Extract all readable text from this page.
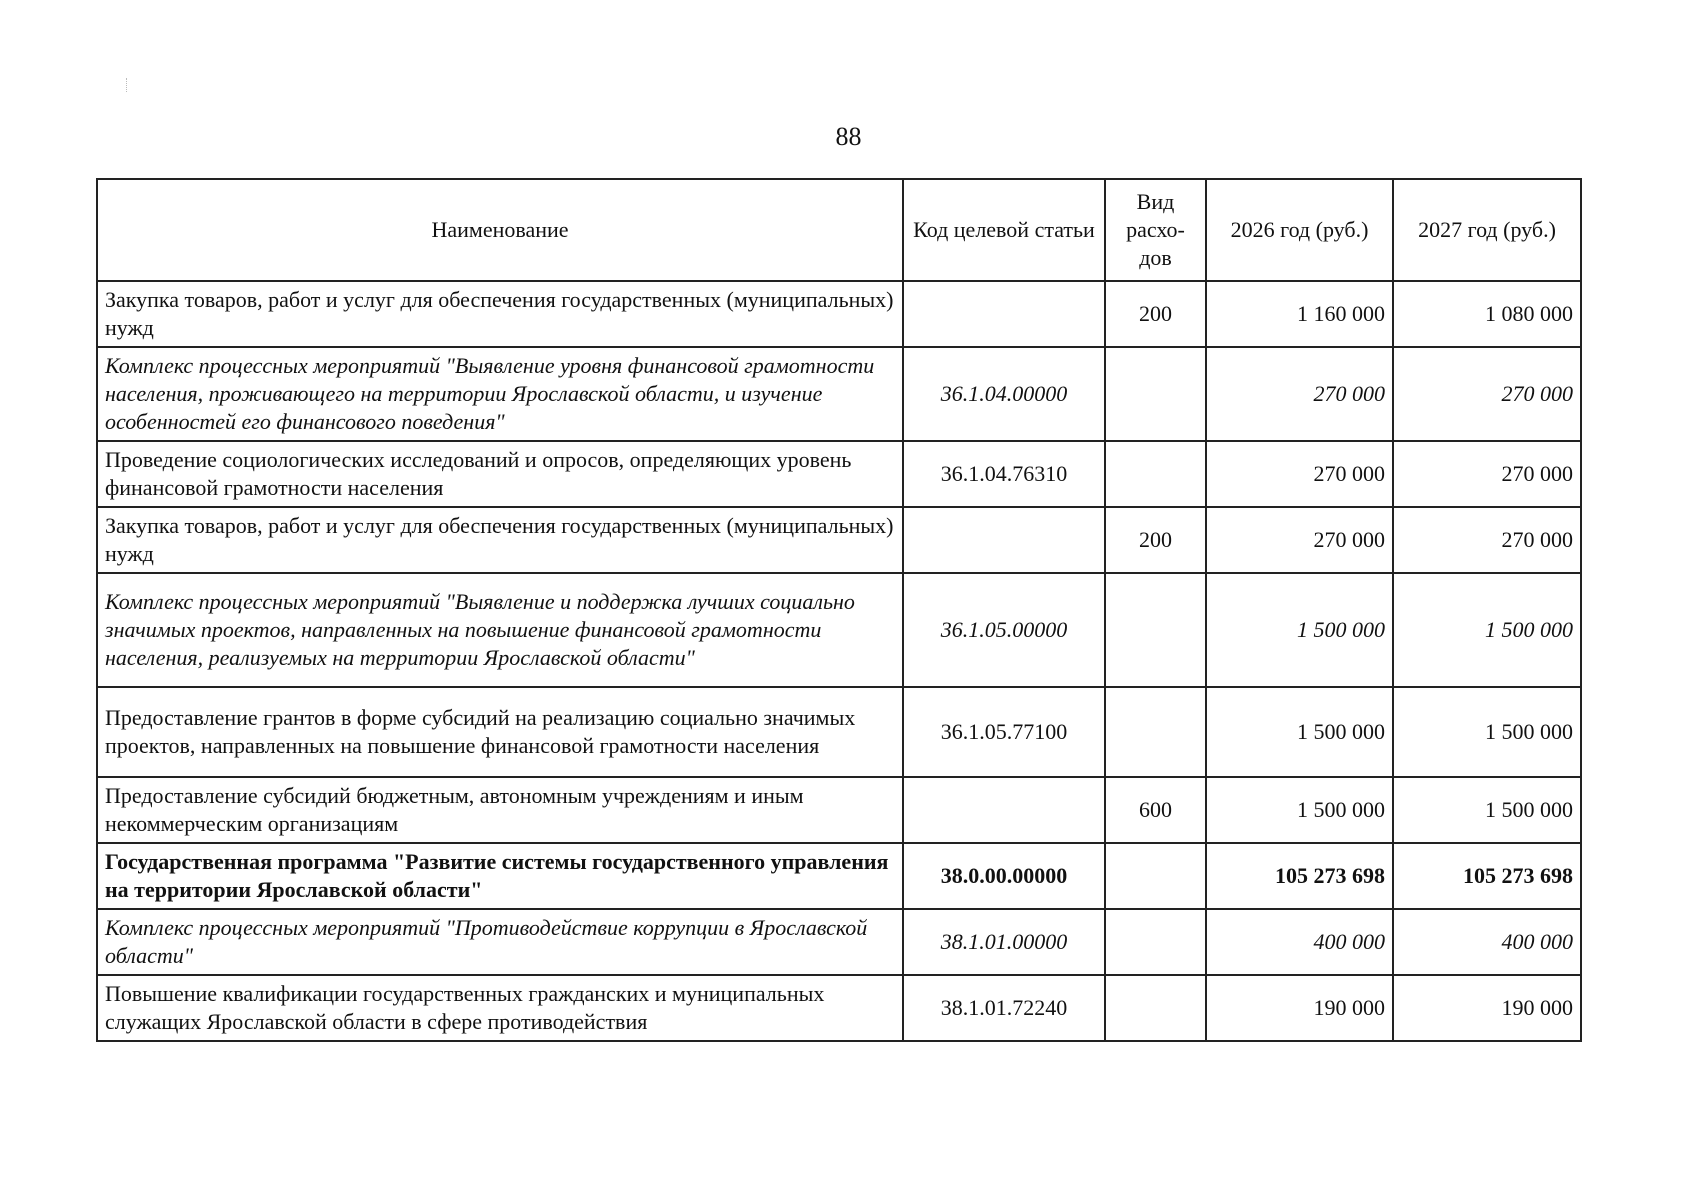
88
Наименование	Код целевой статьи	Вид расхо-дов	2026 год (руб.)	2027 год (руб.)
Закупка товаров, работ и услуг для обеспечения государственных (муниципальных) нужд		200	1 160 000	1 080 000
Комплекс процессных мероприятий "Выявление уровня финансовой грамотности населения, проживающего на территории Ярославской области, и изучение особенностей его финансового поведения"	36.1.04.00000		270 000	270 000
Проведение социологических исследований и опросов, определяющих уровень финансовой грамотности населения	36.1.04.76310		270 000	270 000
Закупка товаров, работ и услуг для обеспечения государственных (муниципальных) нужд		200	270 000	270 000
Комплекс процессных мероприятий "Выявление и поддержка лучших социально значимых проектов, направленных на повышение финансовой грамотности населения, реализуемых на территории Ярославской области"	36.1.05.00000		1 500 000	1 500 000
Предоставление грантов в форме субсидий на реализацию социально значимых проектов, направленных на повышение финансовой грамотности населения	36.1.05.77100		1 500 000	1 500 000
Предоставление субсидий бюджетным, автономным учреждениям и иным некоммерческим организациям		600	1 500 000	1 500 000
Государственная программа "Развитие системы государственного управления на территории Ярославской области"	38.0.00.00000		105 273 698	105 273 698
Комплекс процессных мероприятий "Противодействие коррупции в Ярославской области"	38.1.01.00000		400 000	400 000
Повышение квалификации государственных гражданских и муниципальных служащих Ярославской области в сфере противодействия	38.1.01.72240		190 000	190 000
